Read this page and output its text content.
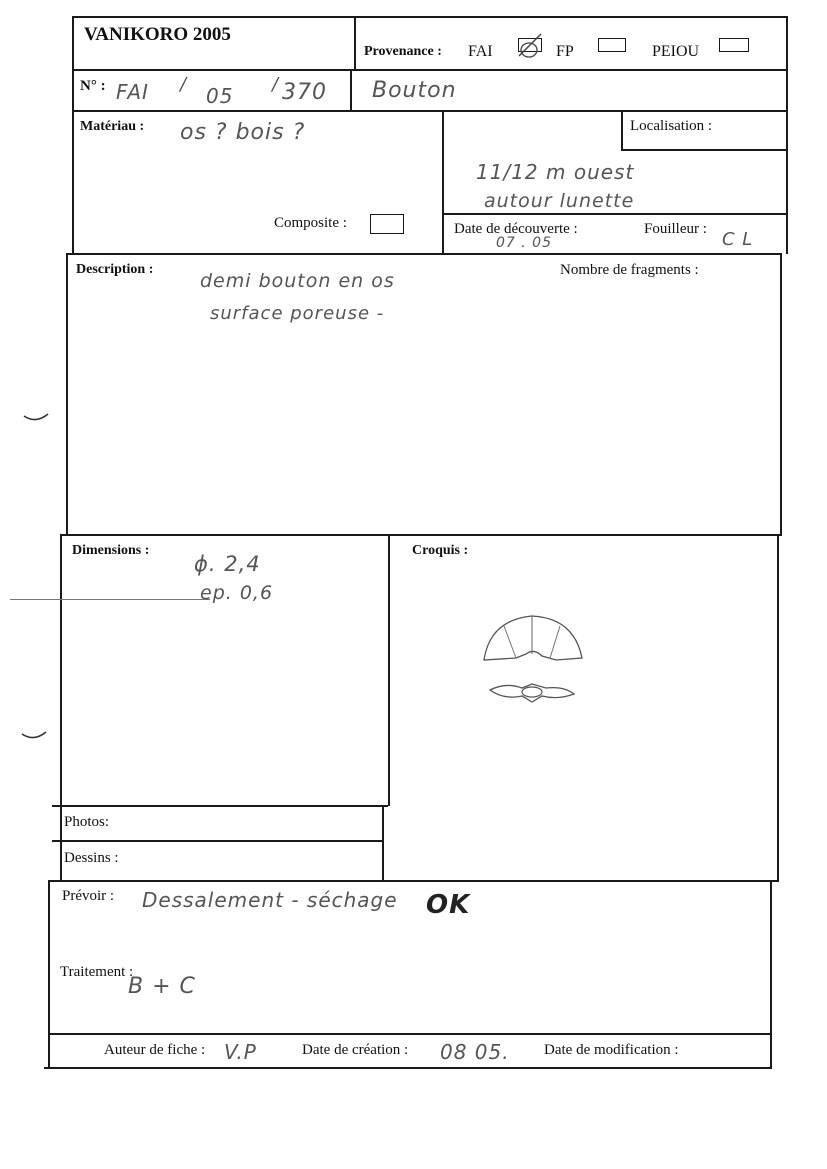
VANIKORO 2005
Provenance : FAI	FP	PEIOU
N° : FAI / 05 / 370 Bouton
Matériau : os ? bois ?
Composite :
Localisation :
11/12 m ouest
autour lunette
Date de découverte :
07 . 05
Fouilleur : C L
Description :	Nombre de fragments :
demi bouton en os
surface poreuse -
Dimensions :
ϕ. 2,4
ep. 0,6
Croquis :
Photos:
Dessins :
Prévoir : Dessalement - séchage OK
Traitement :
B + C
Auteur de fiche : V.P	Date de création : 08 05. Date de modification :
